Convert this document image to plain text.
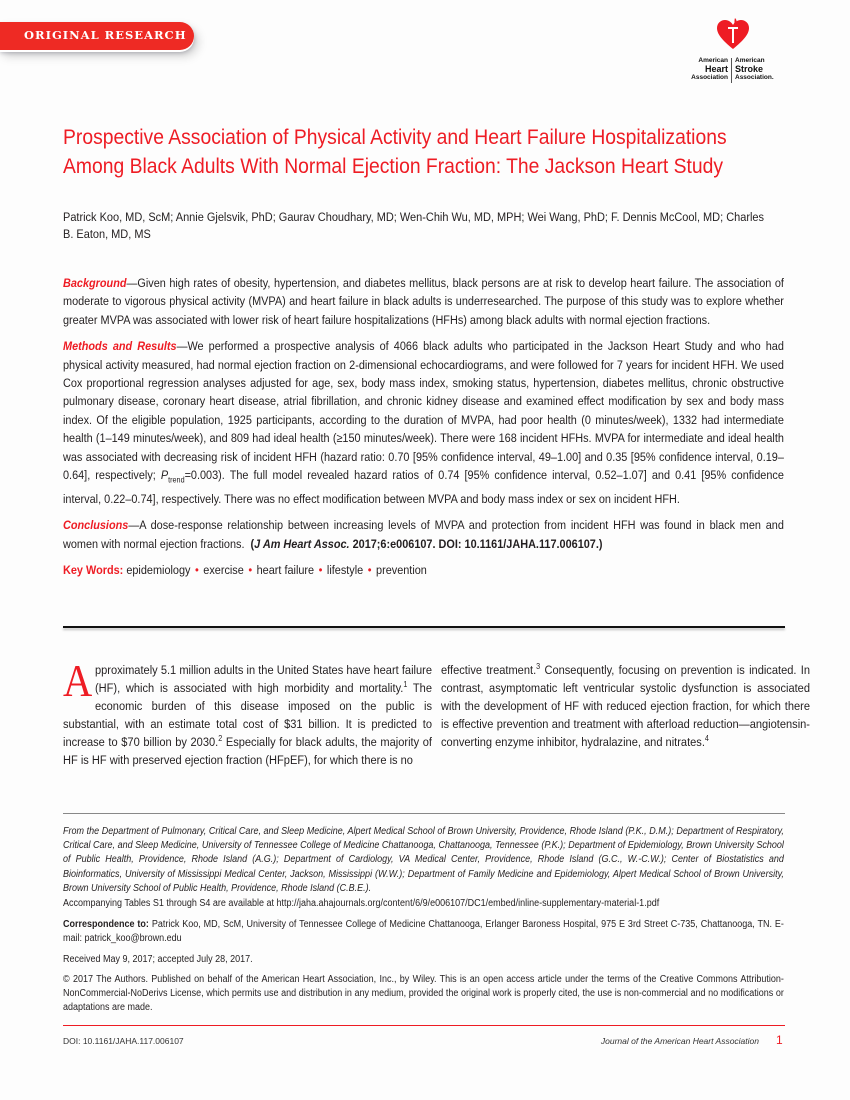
ORIGINAL RESEARCH
American
Heart
Association
American
Stroke
Association.
Prospective Association of Physical Activity and Heart Failure Hospitalizations Among Black Adults With Normal Ejection Fraction: The Jackson Heart Study
Patrick Koo, MD, ScM; Annie Gjelsvik, PhD; Gaurav Choudhary, MD; Wen-Chih Wu, MD, MPH; Wei Wang, PhD; F. Dennis McCool, MD; Charles B. Eaton, MD, MS

Background—Given high rates of obesity, hypertension, and diabetes mellitus, black persons are at risk to develop heart failure. The association of moderate to vigorous physical activity (MVPA) and heart failure in black adults is underresearched. The purpose of this study was to explore whether greater MVPA was associated with lower risk of heart failure hospitalizations (HFHs) among black adults with normal ejection fractions.

Methods and Results—We performed a prospective analysis of 4066 black adults who participated in the Jackson Heart Study and who had physical activity measured, had normal ejection fraction on 2-dimensional echocardiograms, and were followed for 7 years for incident HFH. We used Cox proportional regression analyses adjusted for age, sex, body mass index, smoking status, hypertension, diabetes mellitus, chronic obstructive pulmonary disease, coronary heart disease, atrial fibrillation, and chronic kidney disease and examined effect modification by sex and body mass index. Of the eligible population, 1925 participants, according to the duration of MVPA, had poor health (0 minutes/week), 1332 had intermediate health (1–149 minutes/week), and 809 had ideal health (≥150 minutes/week). There were 168 incident HFHs. MVPA for intermediate and ideal health was associated with decreasing risk of incident HFH (hazard ratio: 0.70 [95% confidence interval, 49–1.00] and 0.35 [95% confidence interval, 0.19–0.64], respectively; $P_{trend}=0.003$). The full model revealed hazard ratios of 0.74 [95% confidence interval, 0.52–1.07] and 0.41 [95% confidence interval, 0.22–0.74], respectively. There was no effect modification between MVPA and body mass index or sex on incident HFH.

Conclusions—A dose-response relationship between increasing levels of MVPA and protection from incident HFH was found in black men and women with normal ejection fractions. (J Am Heart Assoc. 2017;6:e006107. DOI: 10.1161/JAHA.117.006107.)

Key Words: epidemiology • exercise • heart failure • lifestyle • prevention

Approximately 5.1 million adults in the United States have heart failure (HF), which is associated with high morbidity and mortality.$^1$ The economic burden of this disease imposed on the public is substantial, with an estimate total cost of $31 billion. It is predicted to increase to $70 billion by 2030.$^2$ Especially for black adults, the majority of HF is HF with preserved ejection fraction (HFpEF), for which there is no
effective treatment.$^3$ Consequently, focusing on prevention is indicated. In contrast, asymptomatic left ventricular systolic dysfunction is associated with the development of HF with reduced ejection fraction, for which there is effective prevention and treatment with afterload reduction—angiotensin-converting enzyme inhibitor, hydralazine, and nitrates.$^4$
From the Department of Pulmonary, Critical Care, and Sleep Medicine, Alpert Medical School of Brown University, Providence, Rhode Island (P.K., D.M.); Department of Respiratory, Critical Care, and Sleep Medicine, University of Tennessee College of Medicine Chattanooga, Chattanooga, Tennessee (P.K.); Department of Epidemiology, Brown University School of Public Health, Providence, Rhode Island (A.G.); Department of Cardiology, VA Medical Center, Providence, Rhode Island (G.C., W.-C.W.); Center of Biostatistics and Bioinformatics, University of Mississippi Medical Center, Jackson, Mississippi (W.W.); Department of Family Medicine and Epidemiology, Alpert Medical School of Brown University, Brown University School of Public Health, Providence, Rhode Island (C.B.E.).
Accompanying Tables S1 through S4 are available at http://jaha.ahajournals.org/content/6/9/e006107/DC1/embed/inline-supplementary-material-1.pdf
Correspondence to: Patrick Koo, MD, ScM, University of Tennessee College of Medicine Chattanooga, Erlanger Baroness Hospital, 975 E 3rd Street C-735, Chattanooga, TN. E-mail: patrick_koo@brown.edu
Received May 9, 2017; accepted July 28, 2017.
© 2017 The Authors. Published on behalf of the American Heart Association, Inc., by Wiley. This is an open access article under the terms of the Creative Commons Attribution-NonCommercial-NoDerivs License, which permits use and distribution in any medium, provided the original work is properly cited, the use is non-commercial and no modifications or adaptations are made.
DOI: 10.1161/JAHA.117.006107	Journal of the American Heart Association 1
